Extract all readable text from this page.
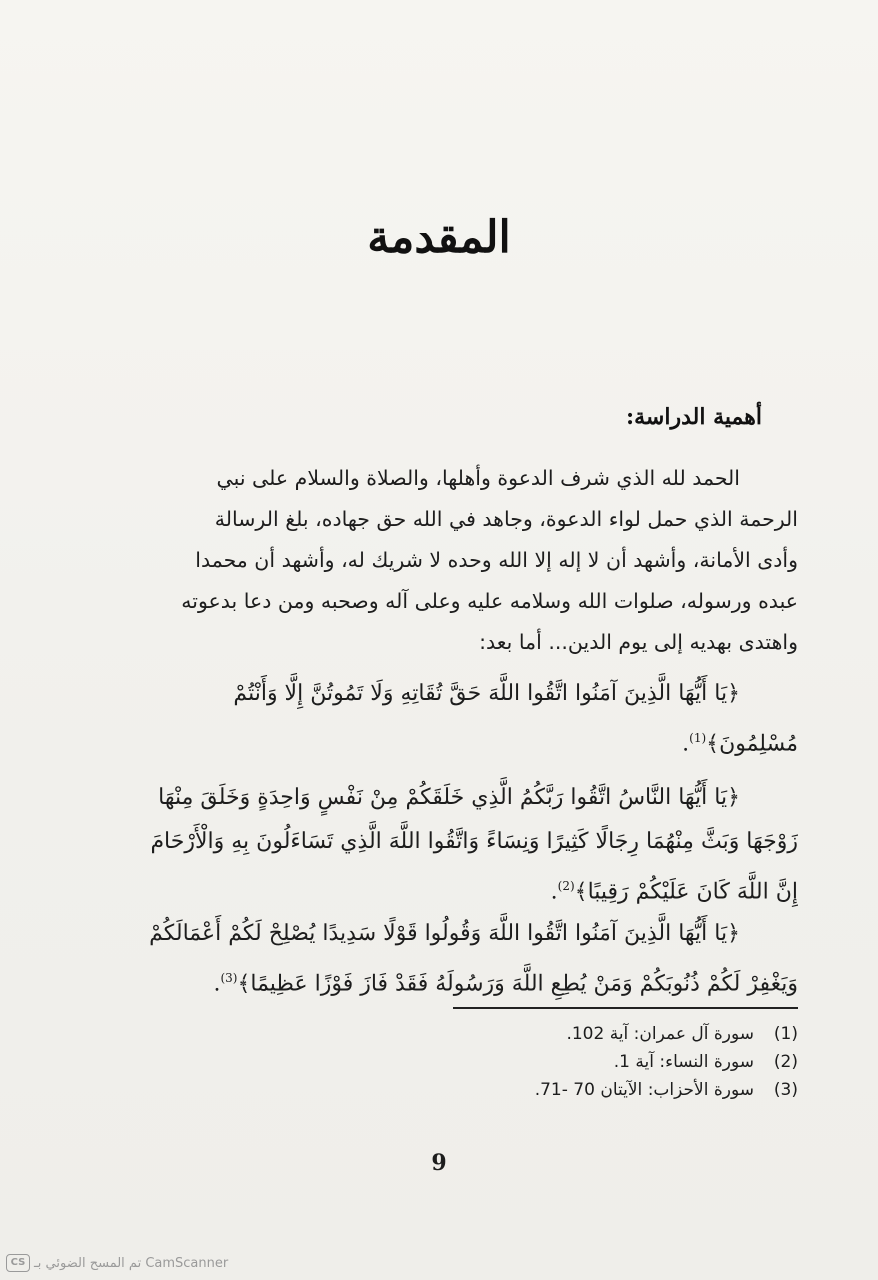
المقدمة
أهمية الدراسة:
الحمد لله الذي شرف الدعوة وأهلها، والصلاة والسلام على نبي
الرحمة الذي حمل لواء الدعوة، وجاهد في الله حق جهاده، بلغ الرسالة
وأدى الأمانة، وأشهد أن لا إله إلا الله وحده لا شريك له، وأشهد أن محمدا
عبده ورسوله، صلوات الله وسلامه عليه وعلى آله وصحبه ومن دعا بدعوته
واهتدى بهديه إلى يوم الدين... أما بعد:
﴿يَا أَيُّهَا الَّذِينَ آمَنُوا اتَّقُوا اللَّهَ حَقَّ تُقَاتِهِ وَلَا تَمُوتُنَّ إِلَّا وَأَنْتُمْ
مُسْلِمُونَ﴾$^{(1)}$.
﴿يَا أَيُّهَا النَّاسُ اتَّقُوا رَبَّكُمُ الَّذِي خَلَقَكُمْ مِنْ نَفْسٍ وَاحِدَةٍ وَخَلَقَ مِنْهَا
زَوْجَهَا وَبَثَّ مِنْهُمَا رِجَالًا كَثِيرًا وَنِسَاءً وَاتَّقُوا اللَّهَ الَّذِي تَسَاءَلُونَ بِهِ وَالْأَرْحَامَ
إِنَّ اللَّهَ كَانَ عَلَيْكُمْ رَقِيبًا﴾$^{(2)}$.
﴿يَا أَيُّهَا الَّذِينَ آمَنُوا اتَّقُوا اللَّهَ وَقُولُوا قَوْلًا سَدِيدًا يُصْلِحْ لَكُمْ أَعْمَالَكُمْ
وَيَغْفِرْ لَكُمْ ذُنُوبَكُمْ وَمَنْ يُطِعِ اللَّهَ وَرَسُولَهُ فَقَدْ فَازَ فَوْزًا عَظِيمًا﴾$^{(3)}$.
(1)سورة آل عمران: آية 102.
(2)سورة النساء: آية 1.
(3)سورة الأحزاب: الآيتان 70 -71.
9
CS تم المسح الضوئي بـ CamScanner
